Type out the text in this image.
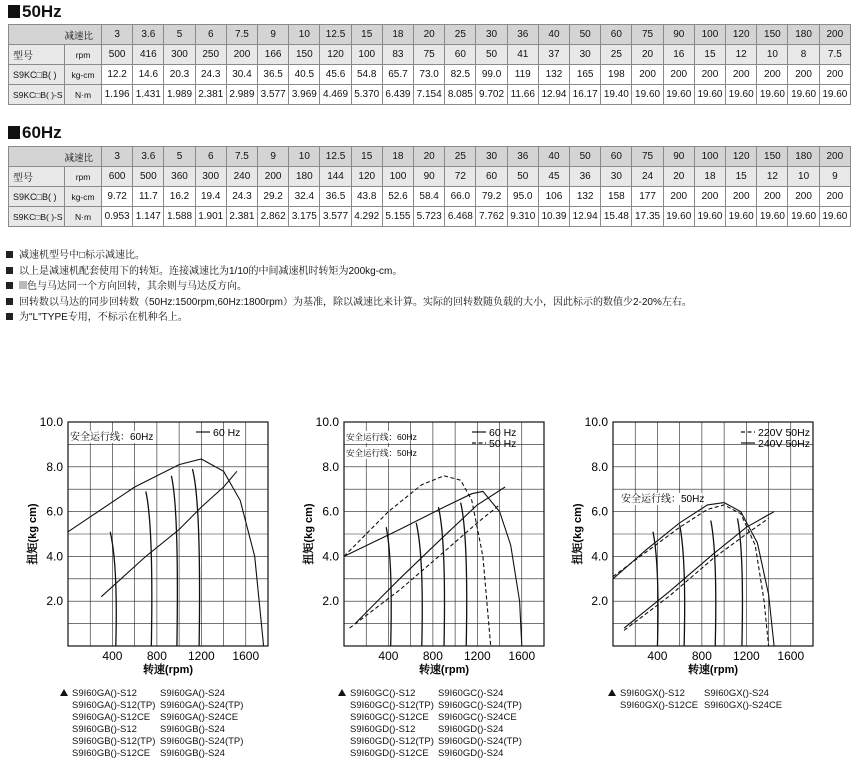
50Hz
减速比		3	3.6	5	6	7.5	9	10	12.5	15	18	20	25	30	36	40	50	60	75	90	100	120	150	180	200
型号	rpm	500	416	300	250	200	166	150	120	100	83	75	60	50	41	37	30	25	20	16	15	12	10	8	7.5
S9KC□B( )	kg-cm	12.2	14.6	20.3	24.3	30.4	36.5	40.5	45.6	54.8	65.7	73.0	82.5	99.0	119	132	165	198	200	200	200	200	200	200	200
S9KC□B( )-S	N·m	1.196	1.431	1.989	2.381	2.989	3.577	3.969	4.469	5.370	6.439	7.154	8.085	9.702	11.66	12.94	16.17	19.40	19.60	19.60	19.60	19.60	19.60	19.60	19.60
60Hz
减速比		3	3.6	5	6	7.5	9	10	12.5	15	18	20	25	30	36	40	50	60	75	90	100	120	150	180	200
型号	rpm	600	500	360	300	240	200	180	144	120	100	90	72	60	50	45	36	30	24	20	18	15	12	10	9
S9KC□B( )	kg-cm	9.72	11.7	16.2	19.4	24.3	29.2	32.4	36.5	43.8	52.6	58.4	66.0	79.2	95.0	106	132	158	177	200	200	200	200	200	200
S9KC□B( )-S	N·m	0.953	1.147	1.588	1.901	2.381	2.862	3.175	3.577	4.292	5.155	5.723	6.468	7.762	9.310	10.39	12.94	15.48	17.35	19.60	19.60	19.60	19.60	19.60	19.60
减速机型号中□标示减速比。
以上是减速机配套使用下的转矩。连接减速比为1/10的中间减速机时转矩为200kg-cm。
色与马达同一个方向回转，其余则与马达反方向。
回转数以马达的同步回转数（50Hz:1500rpm,60Hz:1800rpm）为基准，除以减速比来计算。实际的回转数随负载的大小，因此标示的数值少2-20%左右。
为"L"TYPE专用，不标示在机种名上。
2.0
4.0
6.0
8.0
10.0
400 800 1200 1600
转速(rpm)
扭矩(kg cm)
60 Hz
安全运行线：60Hz
2.0
4.0
6.0
8.0
10.0
400 800 1200 1600
转速(rpm)
扭矩(kg cm)
60 Hz
50 Hz
安全运行线：60Hz
安全运行线：50Hz
2.0
4.0
6.0
8.0
10.0
400 800 1200 1600
转速(rpm)
扭矩(kg cm)
220V 50Hz
240V 50Hz
安全运行线：50Hz
S9I60GA()-S12
S9I60GA()-S12(TP)
S9I60GA()-S12CE
S9I60GB()-S12
S9I60GB()-S12(TP)
S9I60GB()-S12CE
S9I60GA()-S24
S9I60GA()-S24(TP)
S9I60GA()-S24CE
S9I60GB()-S24
S9I60GB()-S24(TP)
S9I60GB()-S24
S9I60GC()-S12
S9I60GC()-S12(TP)
S9I60GC()-S12CE
S9I60GD()-S12
S9I60GD()-S12(TP)
S9I60GD()-S12CE
S9I60GC()-S24
S9I60GC()-S24(TP)
S9I60GC()-S24CE
S9I60GD()-S24
S9I60GD()-S24(TP)
S9I60GD()-S24
S9I60GX()-S12
S9I60GX()-S12CE
S9I60GX()-S24
S9I60GX()-S24CE
